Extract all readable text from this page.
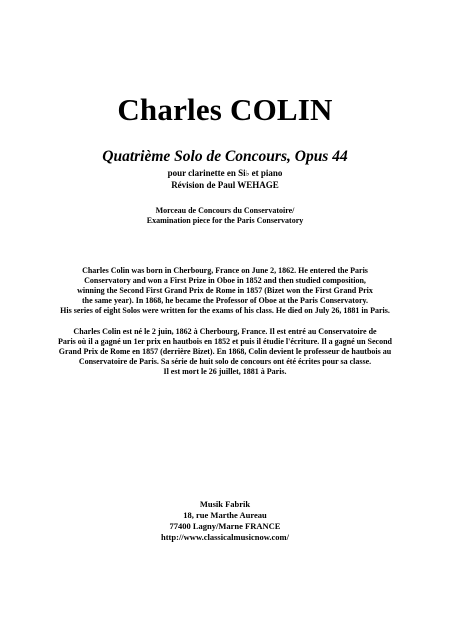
Charles COLIN
Quatrième Solo de Concours, Opus 44
pour clarinette en Si♭ et piano
Révision de Paul WEHAGE
Morceau de Concours du Conservatoire/
Examination piece for the Paris Conservatory
Charles Colin was born in Cherbourg, France on June 2, 1862. He entered the Paris
Conservatory and won a First Prize in Oboe in 1852 and then studied composition,
winning the Second First Grand Prix de Rome in 1857 (Bizet won the First Grand Prix
the same year). In 1868, he became the Professor of Oboe at the Paris Conservatory.
His series of eight Solos were written for the exams of his class. He died on July 26, 1881 in Paris.
Charles Colin est né le 2 juin, 1862 à Cherbourg, France. Il est entré au Conservatoire de
Paris où il a gagné un 1er prix en hautbois en 1852 et puis il étudie l'écriture. Il a gagné un Second
Grand Prix de Rome en 1857 (derrière Bizet). En 1868, Colin devient le professeur de hautbois au
Conservatoire de Paris. Sa série de huit solo de concours ont été écrites pour sa classe.
Il est mort le 26 juillet, 1881 à Paris.
Musik Fabrik
18, rue Marthe Aureau
77400 Lagny/Marne FRANCE
http://www.classicalmusicnow.com/
